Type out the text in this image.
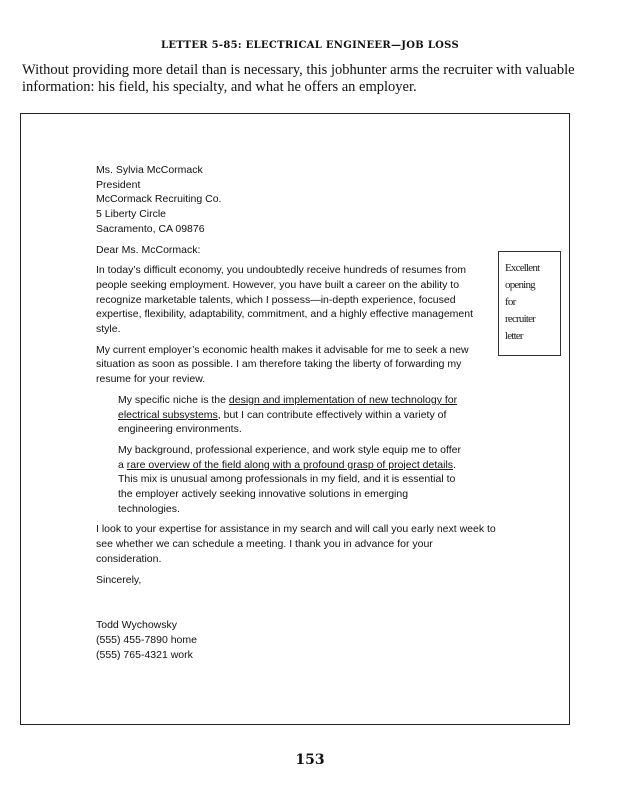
LETTER 5-85: ELECTRICAL ENGINEER—JOB LOSS
Without providing more detail than is necessary, this jobhunter arms the recruiter with valuable information: his field, his specialty, and what he offers an employer.
Ms. Sylvia McCormack
President
McCormack Recruiting Co.
5 Liberty Circle
Sacramento, CA 09876

Dear Ms. McCormack:

In today’s difficult economy, you undoubtedly receive hundreds of resumes from people seeking employment. However, you have built a career on the ability to recognize marketable talents, which I possess—in-depth experience, focused expertise, flexibility, adaptability, commitment, and a highly effective management style.

My current employer’s economic health makes it advisable for me to seek a new situation as soon as possible. I am therefore taking the liberty of forwarding my resume for your review.

My specific niche is the design and implementation of new technology for electrical subsystems, but I can contribute effectively within a variety of engineering environments.

My background, professional experience, and work style equip me to offer a rare overview of the field along with a profound grasp of project details. This mix is unusual among professionals in my field, and it is essential to the employer actively seeking innovative solutions in emerging technologies.

I look to your expertise for assistance in my search and will call you early next week to see whether we can schedule a meeting. I thank you in advance for your consideration.

Sincerely,

Todd Wychowsky
(555) 455-7890 home
(555) 765-4321 work
Excellent
opening
for
recruiter
letter
153
